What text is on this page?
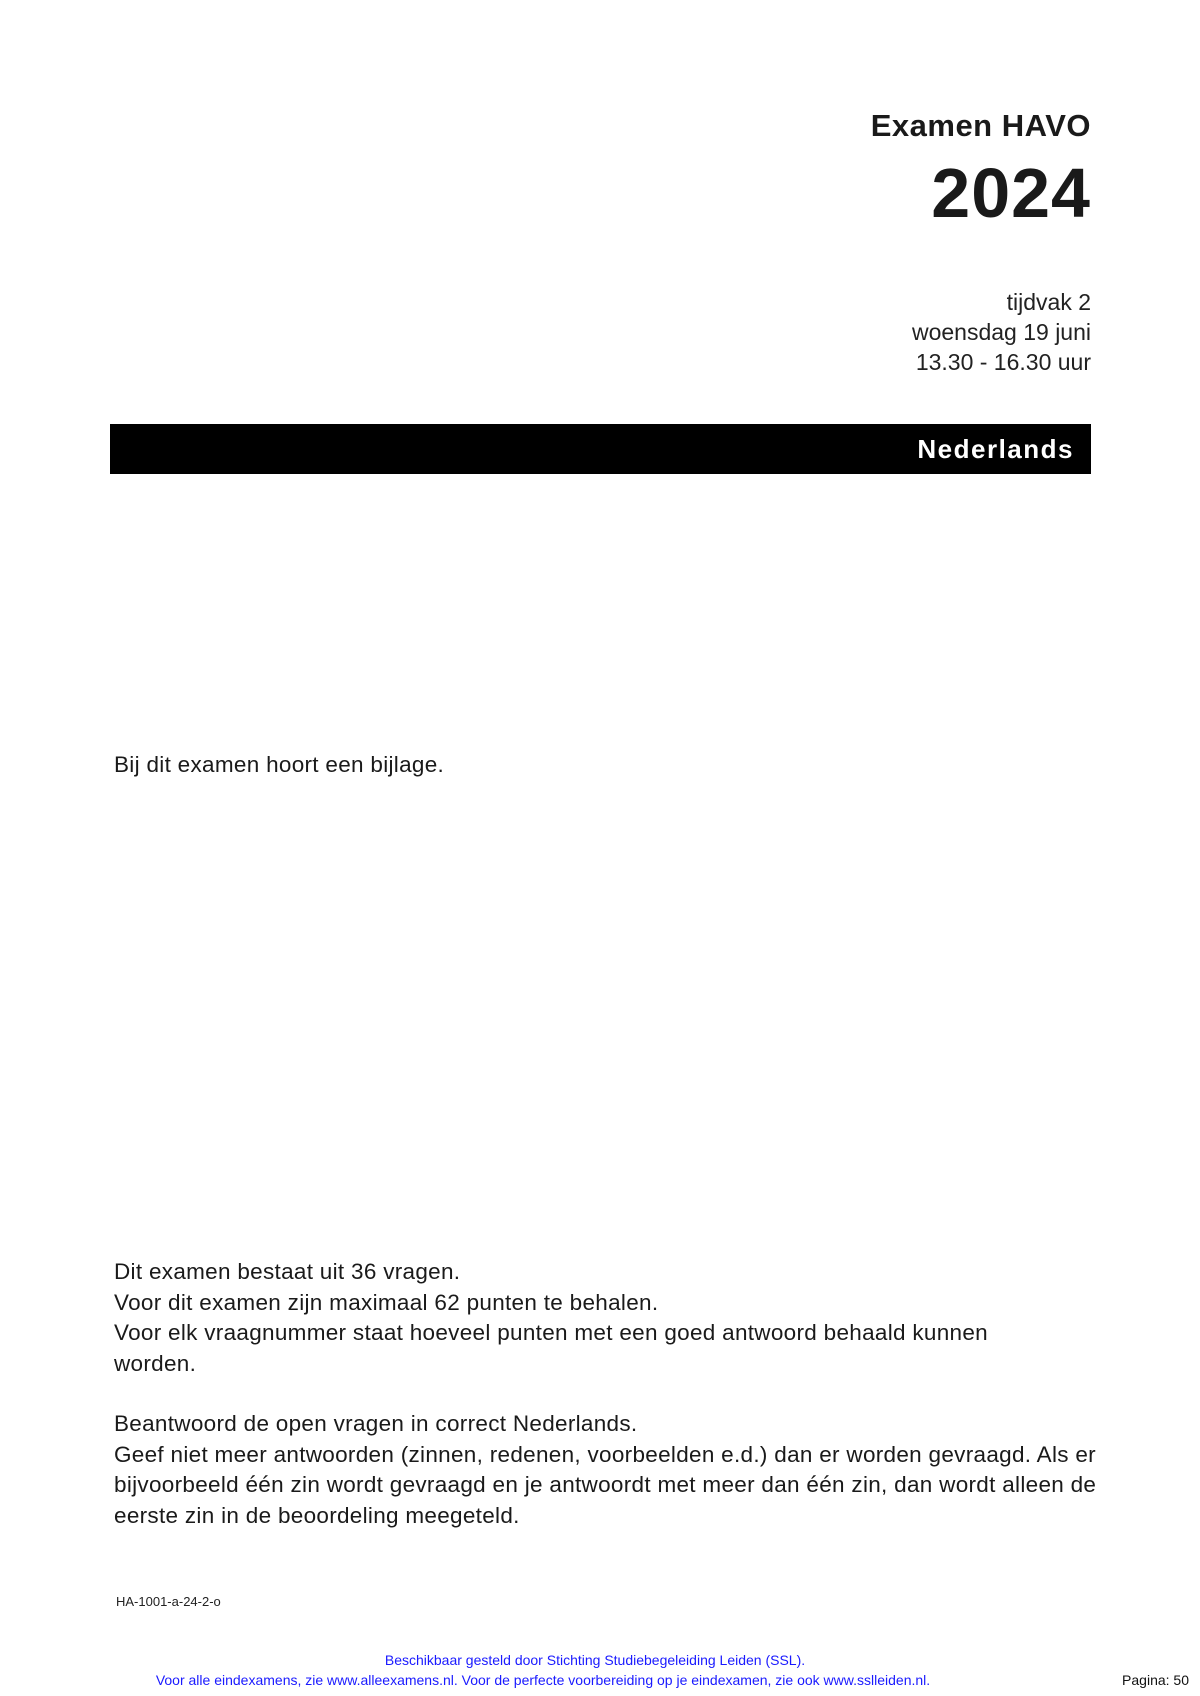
Examen HAVO
2024
tijdvak 2
woensdag 19 juni
13.30 - 16.30 uur
Nederlands

Bij dit examen hoort een bijlage.

Dit examen bestaat uit 36 vragen.

Voor dit examen zijn maximaal 62 punten te behalen.

Voor elk vraagnummer staat hoeveel punten met een goed antwoord behaald kunnen worden.

Beantwoord de open vragen in correct Nederlands.

Geef niet meer antwoorden (zinnen, redenen, voorbeelden e.d.) dan er worden gevraagd. Als er bijvoorbeeld één zin wordt gevraagd en je antwoordt met meer dan één zin, dan wordt alleen de eerste zin in de beoordeling meegeteld.

HA-1001-a-24-2-o
Beschikbaar gesteld door Stichting Studiebegeleiding Leiden (SSL).
Voor alle eindexamens, zie www.alleexamens.nl. Voor de perfecte voorbereiding op je eindexamen, zie ook www.sslleiden.nl.	Pagina: 50
